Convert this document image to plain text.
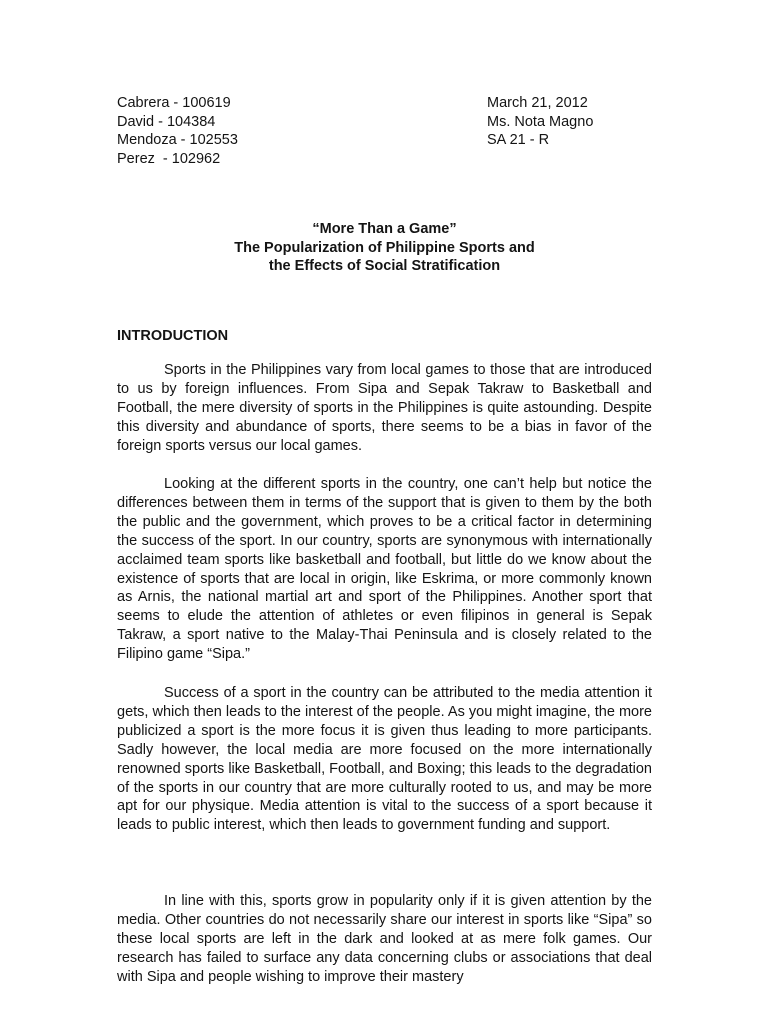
Cabrera - 100619
David - 104384
Mendoza - 102553
Perez  - 102962
March 21, 2012
Ms. Nota Magno
SA 21 - R
“More Than a Game”
The Popularization of Philippine Sports and
the Effects of Social Stratification
INTRODUCTION

Sports in the Philippines vary from local games to those that are introduced to us by foreign influences. From Sipa and Sepak Takraw to Basketball and Football, the mere diversity of sports in the Philippines is quite astounding. Despite this diversity and abundance of sports, there seems to be a bias in favor of the foreign sports versus our local games.

Looking at the different sports in the country, one can’t help but notice the differences between them in terms of the support that is given to them by the both the public and the government, which proves to be a critical factor in determining the success of the sport. In our country, sports are synonymous with internationally acclaimed team sports like basketball and football, but little do we know about the existence of sports that are local in origin, like Eskrima, or more commonly known as Arnis, the national martial art and sport of the Philippines. Another sport that seems to elude the attention of athletes or even filipinos in general is Sepak Takraw, a sport native to the Malay-Thai Peninsula and is closely related to the Filipino game “Sipa.”

Success of a sport in the country can be attributed to the media attention it gets, which then leads to the interest of the people. As you might imagine, the more publicized a sport is the more focus it is given thus leading to more participants. Sadly however, the local media are more focused on the more internationally renowned sports like Basketball, Football, and Boxing; this leads to the degradation of the sports in our country that are more culturally rooted to us, and may be more apt for our physique. Media attention is vital to the success of a sport because it leads to public interest, which then leads to government funding and support.

In line with this, sports grow in popularity only if it is given attention by the media. Other countries do not necessarily share our interest in sports like “Sipa” so these local sports are left in the dark and looked at as mere folk games. Our research has failed to surface any data concerning clubs or associations that deal with Sipa and people wishing to improve their mastery
